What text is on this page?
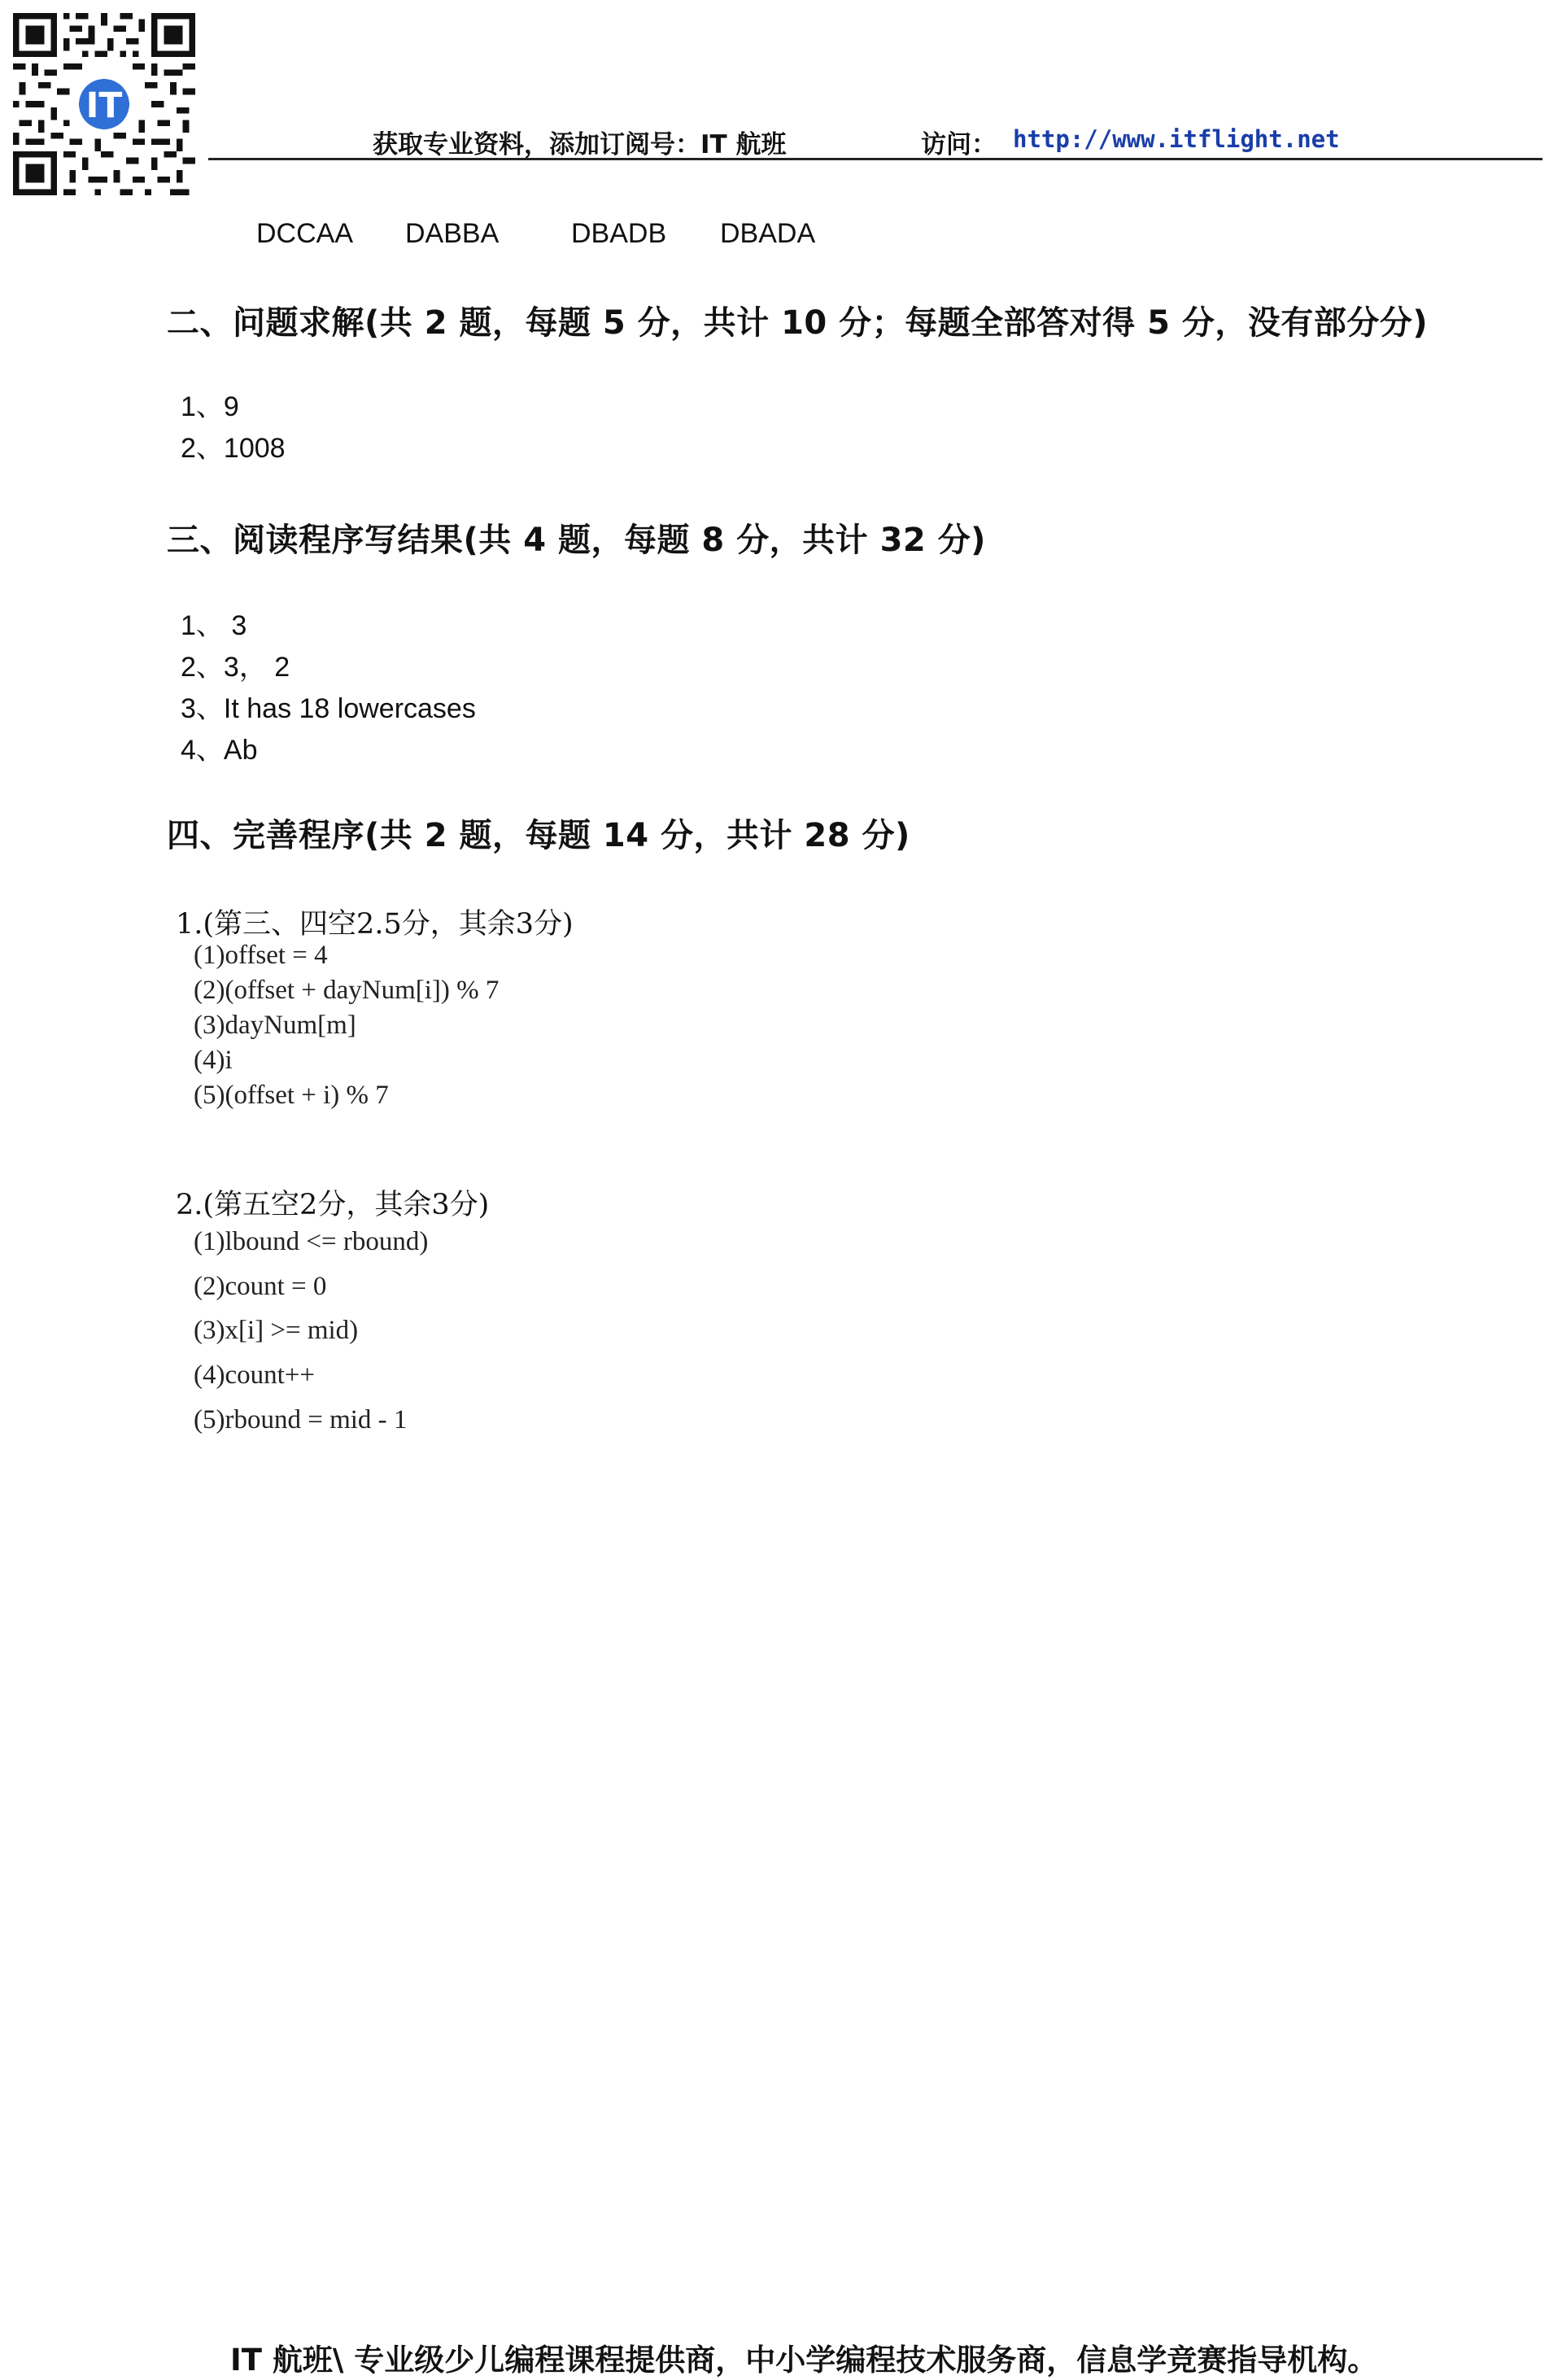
IT
获取专业资料，添加订阅号：IT 航班	访问： http://www.itflight.net
DCCAA DABBA	DBADB DBADA
二、问题求解(共 2 题，每题 5 分，共计 10 分；每题全部答对得 5 分，没有部分分)
1、9
2、1008
三、阅读程序写结果(共 4 题，每题 8 分，共计 32 分)
1、 3
2、3， 2
3、It has 18 lowercases
4、Ab
四、完善程序(共 2 题，每题 14 分，共计 28 分)
1.(第三、四空2.5分，其余3分)
(1)offset = 4
(2)(offset + dayNum[i]) % 7
(3)dayNum[m]
(4)i
(5)(offset + i) % 7
2.(第五空2分，其余3分)
(1)lbound <= rbound)
(2)count = 0
(3)x[i] >= mid)
(4)count++
(5)rbound = mid - 1
IT 航班\ 专业级少儿编程课程提供商，中小学编程技术服务商，信息学竞赛指导机构。
